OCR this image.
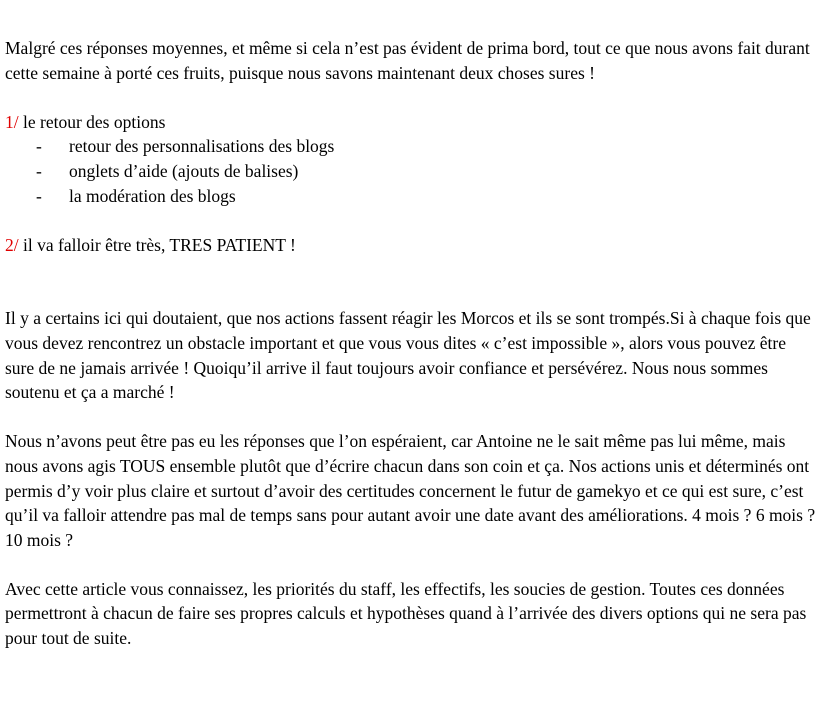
Malgré ces réponses moyennes, et même si cela n’est pas évident de prima bord, tout ce que nous avons fait durant cette semaine à porté ces fruits, puisque nous savons maintenant deux choses sures !

1/ le retour des options

- retour des personnalisations des blogs
- onglets d’aide (ajouts de balises)
- la modération des blogs

2/ il va falloir être très, TRES PATIENT !

Il y a certains ici qui doutaient, que nos actions fassent réagir les Morcos et ils se sont trompés.Si à chaque fois que vous devez rencontrez un obstacle important et que vous vous dites « c’est impossible », alors vous pouvez être sure de ne jamais arrivée ! Quoiqu’il arrive il faut toujours avoir confiance et persévérez. Nous nous sommes soutenu et ça a marché !

Nous n’avons peut être pas eu les réponses que l’on espéraient, car Antoine ne le sait même pas lui même, mais nous avons agis TOUS ensemble plutôt que d’écrire chacun dans son coin et ça. Nos actions unis et déterminés ont permis d’y voir plus claire et surtout d’avoir des certitudes concernent le futur de gamekyo et ce qui est sure, c’est qu’il va falloir attendre pas mal de temps sans pour autant avoir une date avant des améliorations. 4 mois ? 6 mois ? 10 mois ?

Avec cette article vous connaissez, les priorités du staff, les effectifs, les soucies de gestion. Toutes ces données permettront à chacun de faire ses propres calculs et hypothèses quand à l’arrivée des divers options qui ne sera pas pour tout de suite.
